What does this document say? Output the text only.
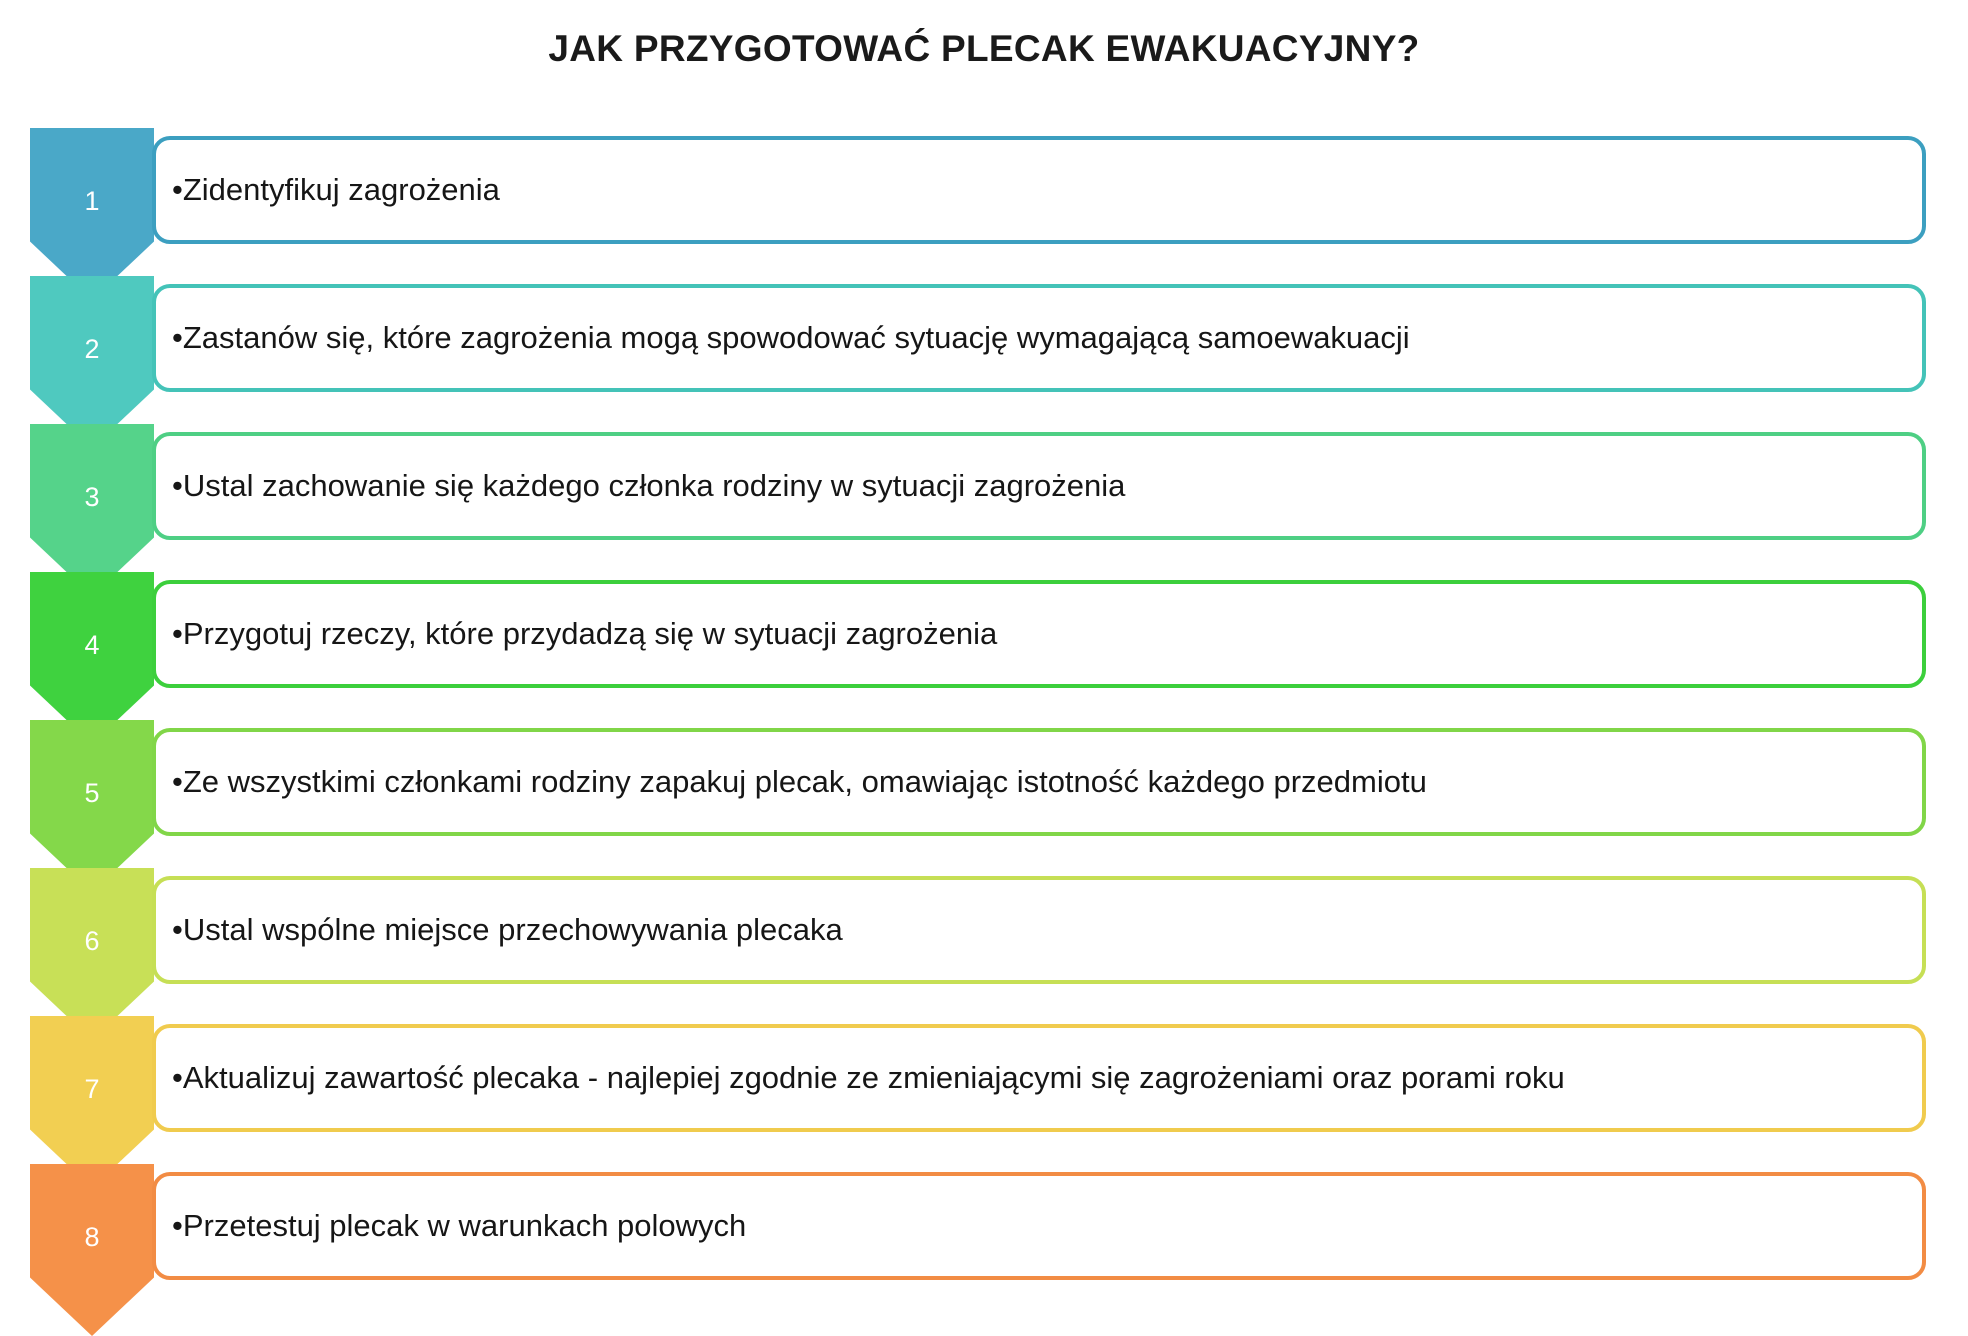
JAK PRZYGOTOWAĆ PLECAK EWAKUACYJNY?
1	•Zidentyfikuj zagrożenia
2	•Zastanów się, które zagrożenia mogą spowodować sytuację wymagającą samoewakuacji
3	•Ustal zachowanie się każdego członka rodziny w sytuacji zagrożenia
4	•Przygotuj rzeczy, które przydadzą się w sytuacji zagrożenia
5	•Ze wszystkimi członkami rodziny zapakuj plecak, omawiając istotność każdego przedmiotu
6	•Ustal wspólne miejsce przechowywania plecaka
7	•Aktualizuj zawartość plecaka - najlepiej zgodnie ze zmieniającymi się zagrożeniami oraz porami roku
8	•Przetestuj plecak w warunkach polowych
